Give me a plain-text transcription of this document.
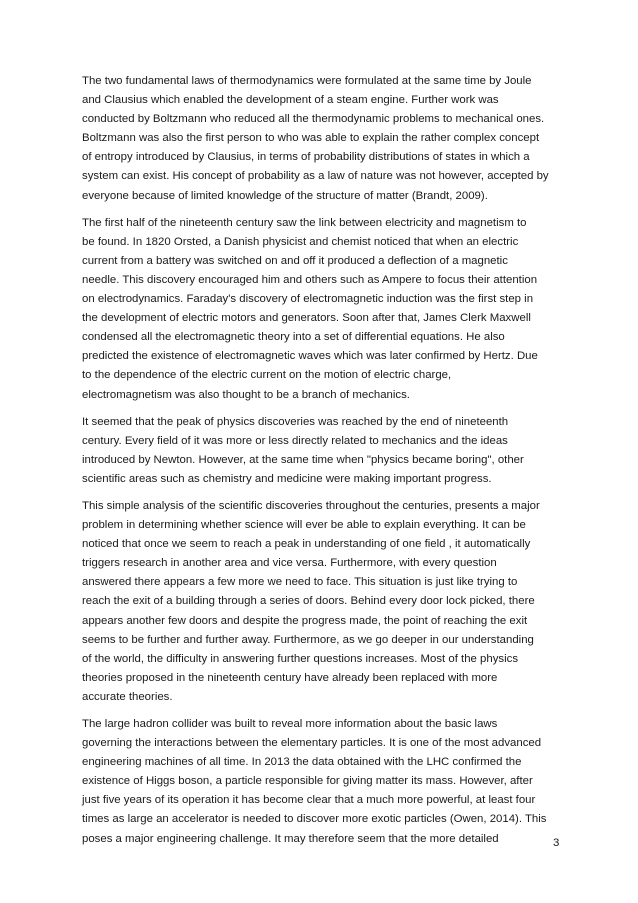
The two fundamental laws of thermodynamics were formulated at the same time by Joule
and Clausius which enabled the development of a steam engine. Further work was
conducted by Boltzmann who reduced all the thermodynamic problems to mechanical ones.
Boltzmann was also the first person to who was able to explain the rather complex concept
of entropy introduced by Clausius, in terms of probability distributions of states in which a
system can exist. His concept of probability as a law of nature was not however, accepted by
everyone because of limited knowledge of the structure of matter (Brandt, 2009).

The first half of the nineteenth century saw the link between electricity and magnetism to
be found. In 1820 Orsted, a Danish physicist and chemist noticed that when an electric
current from a battery was switched on and off it produced a deflection of a magnetic
needle. This discovery encouraged him and others such as Ampere to focus their attention
on electrodynamics. Faraday's discovery of electromagnetic induction was the first step in
the development of electric motors and generators. Soon after that, James Clerk Maxwell
condensed all the electromagnetic theory into a set of differential equations. He also
predicted the existence of electromagnetic waves which was later confirmed by Hertz. Due
to the dependence of the electric current on the motion of electric charge,
electromagnetism was also thought to be a branch of mechanics.

It seemed that the peak of physics discoveries was reached by the end of nineteenth
century. Every field of it was more or less directly related to mechanics and the ideas
introduced by Newton. However, at the same time when "physics became boring", other
scientific areas such as chemistry and medicine were making important progress.

This simple analysis of the scientific discoveries throughout the centuries, presents a major
problem in determining whether science will ever be able to explain everything. It can be
noticed that once we seem to reach a peak in understanding of one field , it automatically
triggers research in another area and vice versa. Furthermore, with every question
answered there appears a few more we need to face. This situation is just like trying to
reach the exit of a building through a series of doors. Behind every door lock picked, there
appears another few doors and despite the progress made, the point of reaching the exit
seems to be further and further away. Furthermore, as we go deeper in our understanding
of the world, the difficulty in answering further questions increases. Most of the physics
theories proposed in the nineteenth century have already been replaced with more
accurate theories.

The large hadron collider was built to reveal more information about the basic laws
governing the interactions between the elementary particles. It is one of the most advanced
engineering machines of all time. In 2013 the data obtained with the LHC confirmed the
existence of Higgs boson, a particle responsible for giving matter its mass. However, after
just five years of its operation it has become clear that a much more powerful, at least four
times as large an accelerator is needed to discover more exotic particles (Owen, 2014). This
poses a major engineering challenge. It may therefore seem that the more detailed	3
